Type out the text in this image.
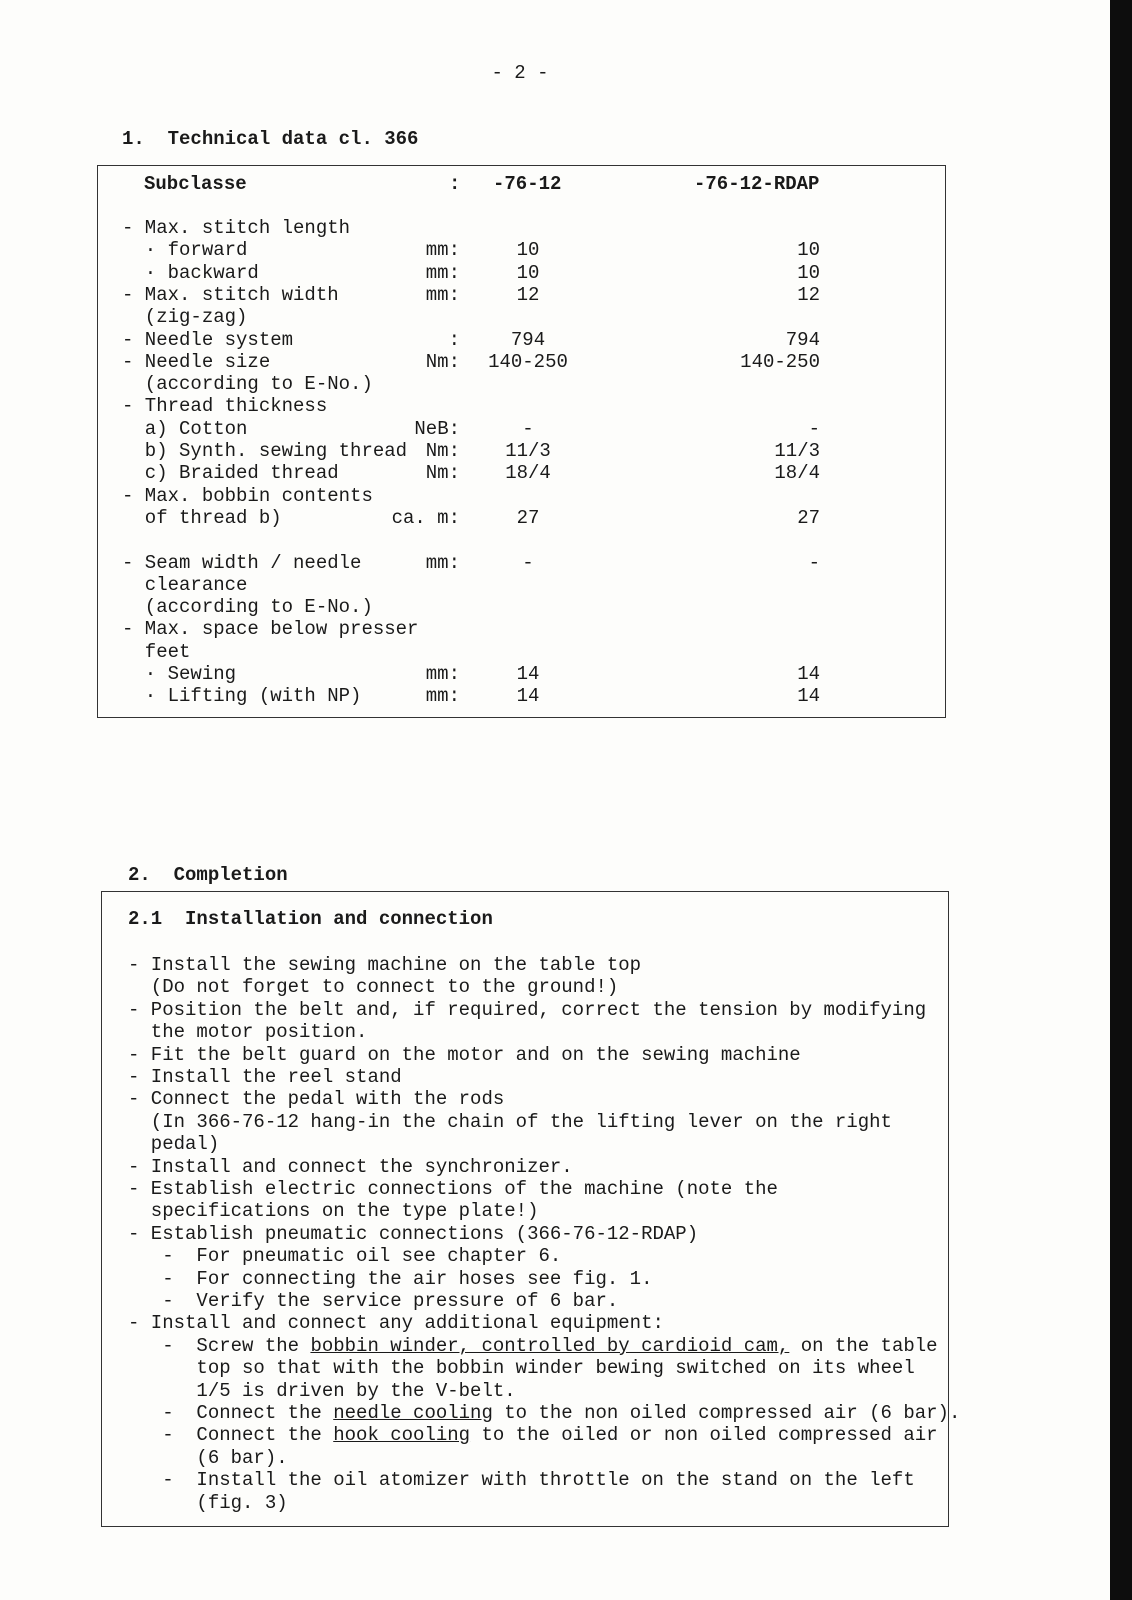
- 2 -
1.  Technical data cl. 366
Subclasse	: -76-12	-76-12-RDAP
- Max. stitch length
· forward	mm:	10	10
· backward	mm:	10	10
- Max. stitch width	mm:	12	12
(zig-zag)
- Needle system	:	794	794
- Needle size	Nm:	140-250	140-250
(according to E-No.)
- Thread thickness
a) Cotton	NeB:	-	-
b) Synth. sewing thread Nm:	11/3	11/3
c) Braided thread	Nm:	18/4	18/4
- Max. bobbin contents
of thread b)	ca. m:	27	27
- Seam width / needle	mm:	-	-
clearance
(according to E-No.)
- Max. space below presser
feet
· Sewing	mm:	14	14
· Lifting (with NP)	mm:	14	14
2.  Completion
2.1  Installation and connection
- Install the sewing machine on the table top
(Do not forget to connect to the ground!)
- Position the belt and, if required, correct the tension by modifying
the motor position.
- Fit the belt guard on the motor and on the sewing machine
- Install the reel stand
- Connect the pedal with the rods
(In 366-76-12 hang-in the chain of the lifting lever on the right
pedal)
- Install and connect the synchronizer.
- Establish electric connections of the machine (note the
specifications on the type plate!)
- Establish pneumatic connections (366-76-12-RDAP)
-  For pneumatic oil see chapter 6.
-  For connecting the air hoses see fig. 1.
-  Verify the service pressure of 6 bar.
- Install and connect any additional equipment:
-  Screw the bobbin winder, controlled by cardioid cam, on the table
top so that with the bobbin winder bewing switched on its wheel
1/5 is driven by the V-belt.
-  Connect the needle cooling to the non oiled compressed air (6 bar).
-  Connect the hook cooling to the oiled or non oiled compressed air
(6 bar).
-  Install the oil atomizer with throttle on the stand on the left
(fig. 3)
